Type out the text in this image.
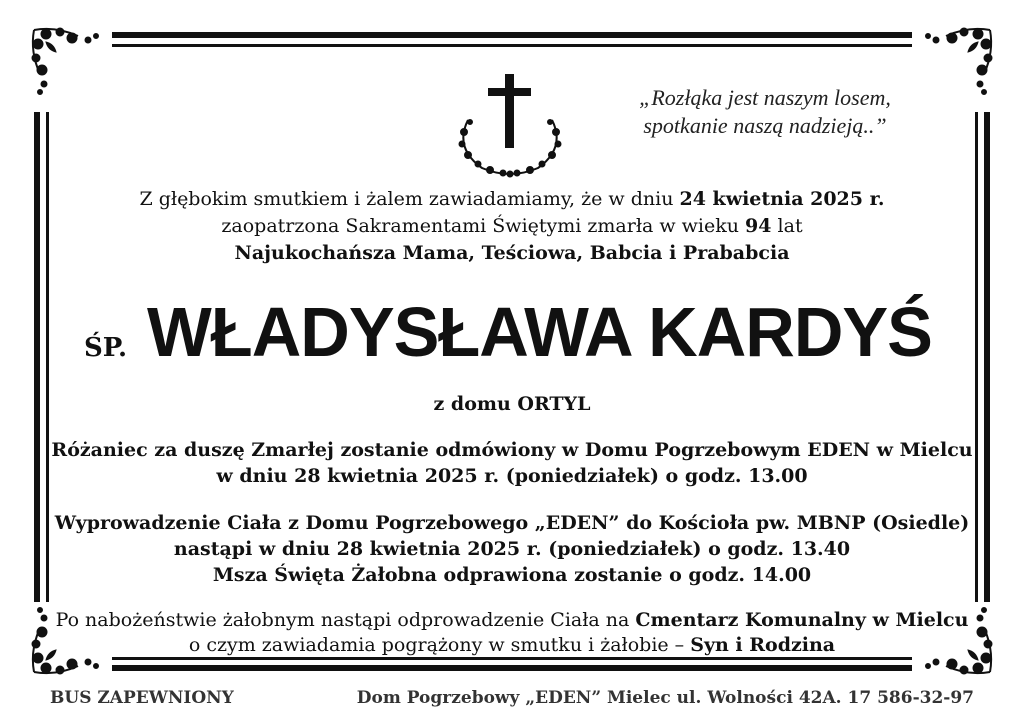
„Rozłąka jest naszym losem,
spotkanie naszą nadzieją..”
Z głębokim smutkiem i żalem zawiadamiamy, że w dniu 24 kwietnia 2025 r.
zaopatrzona Sakramentami Świętymi zmarła w wieku 94 lat
Najukochańsza Mama, Teściowa, Babcia i Prababcia
ŚP. WŁADYSŁAWA KARDYŚ
z domu ORTYL
Różaniec za duszę Zmarłej zostanie odmówiony w Domu Pogrzebowym EDEN w Mielcu
w dniu 28 kwietnia 2025 r. (poniedziałek) o godz. 13.00
Wyprowadzenie Ciała z Domu Pogrzebowego „EDEN” do Kościoła pw. MBNP (Osiedle)
nastąpi w dniu 28 kwietnia 2025 r. (poniedziałek) o godz. 13.40
Msza Święta Żałobna odprawiona zostanie o godz. 14.00
Po nabożeństwie żałobnym nastąpi odprowadzenie Ciała na Cmentarz Komunalny w Mielcu
o czym zawiadamia pogrążony w smutku i żałobie – Syn i Rodzina
BUS ZAPEWNIONY	Dom Pogrzebowy „EDEN” Mielec ul. Wolności 42A. 17 586-32-97
